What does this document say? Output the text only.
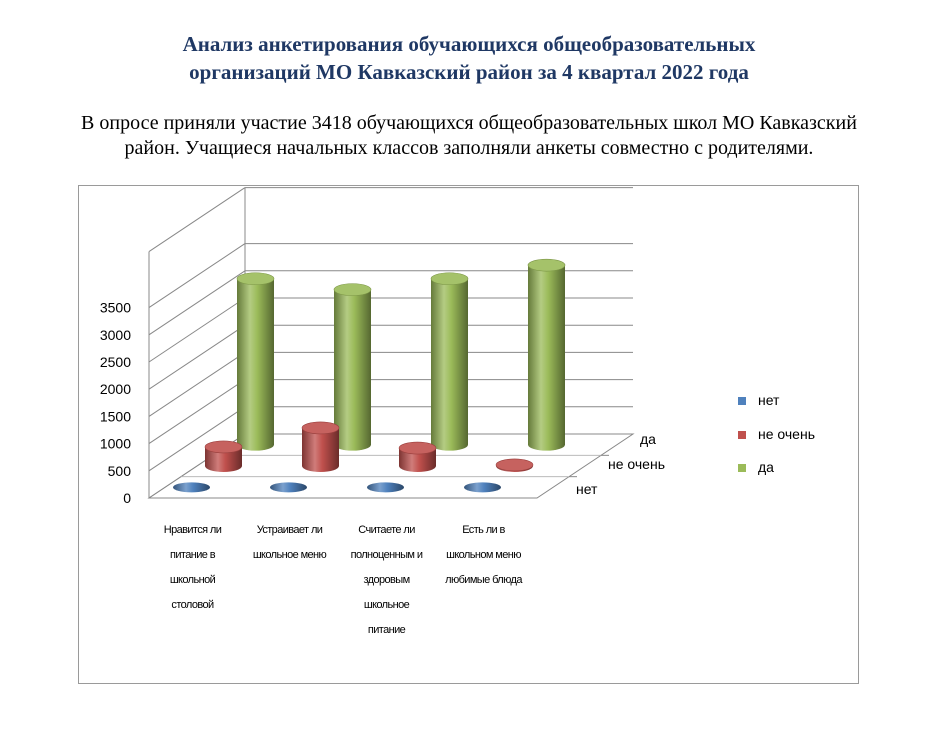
Анализ анкетирования обучающихся общеобразовательных
организаций МО Кавказский район за 4 квартал 2022 года
В опросе приняли участие 3418 обучающихся общеобразовательных школ МО Кавказский
район. Учащиеся начальных классов заполняли анкеты совместно с родителями.
0
500
1000
1500
2000
2500
3000
3500
да
не очень
нет
Нравится ли
питание в
школьной
столовой
Устраивает ли
школьное меню
Считаете ли
полноценным и
здоровым
школьное
питание
Есть ли в
школьном меню
любимые блюда
нет
не очень
да
